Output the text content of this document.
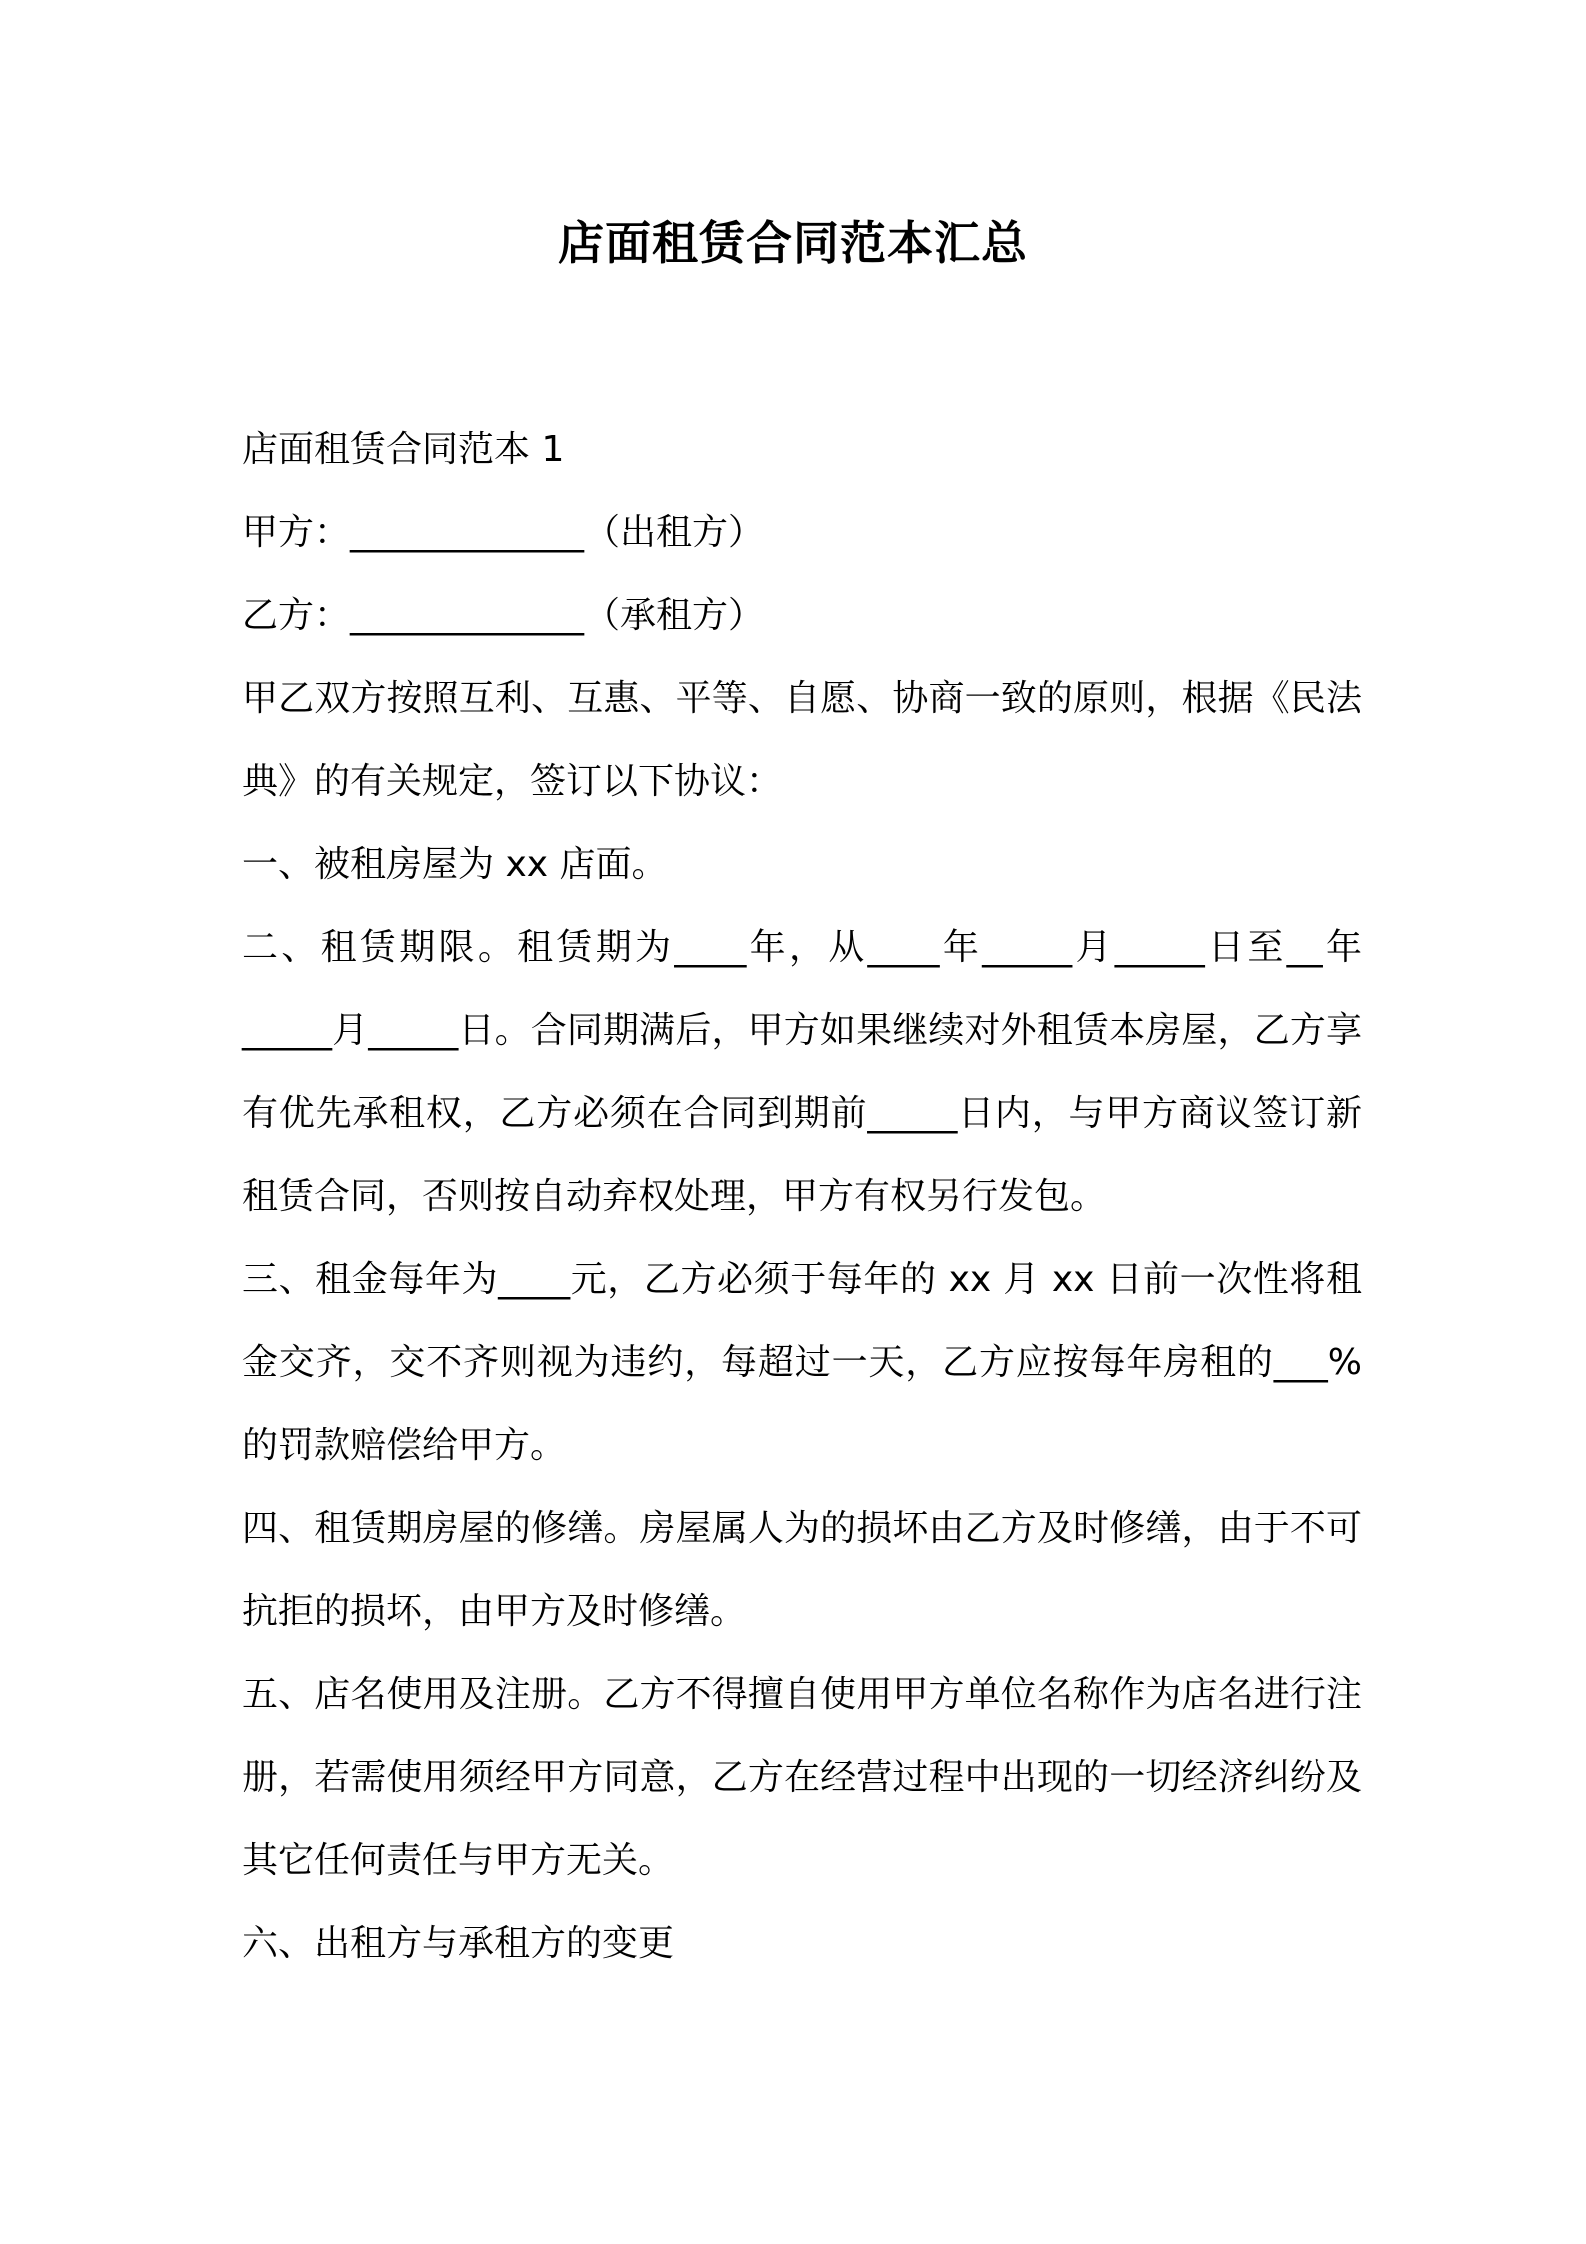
店面租赁合同范本汇总
店面租赁合同范本 1
甲方：_____________（出租方）
乙方：_____________（承租方）
甲乙双方按照互利、互惠、平等、自愿、协商一致的原则，根据《民法典》的有关规定，签订以下协议：
一、被租房屋为 xx 店面。
二、租赁期限。租赁期为____年，从____年_____月_____日至__年_____月_____日。合同期满后，甲方如果继续对外租赁本房屋，乙方享有优先承租权，乙方必须在合同到期前_____日内，与甲方商议签订新租赁合同，否则按自动弃权处理，甲方有权另行发包。
三、租金每年为____元，乙方必须于每年的 xx 月 xx 日前一次性将租金交齐，交不齐则视为违约，每超过一天，乙方应按每年房租的___%的罚款赔偿给甲方。
四、租赁期房屋的修缮。房屋属人为的损坏由乙方及时修缮，由于不可抗拒的损坏，由甲方及时修缮。
五、店名使用及注册。乙方不得擅自使用甲方单位名称作为店名进行注册，若需使用须经甲方同意，乙方在经营过程中出现的一切经济纠纷及其它任何责任与甲方无关。
六、出租方与承租方的变更
